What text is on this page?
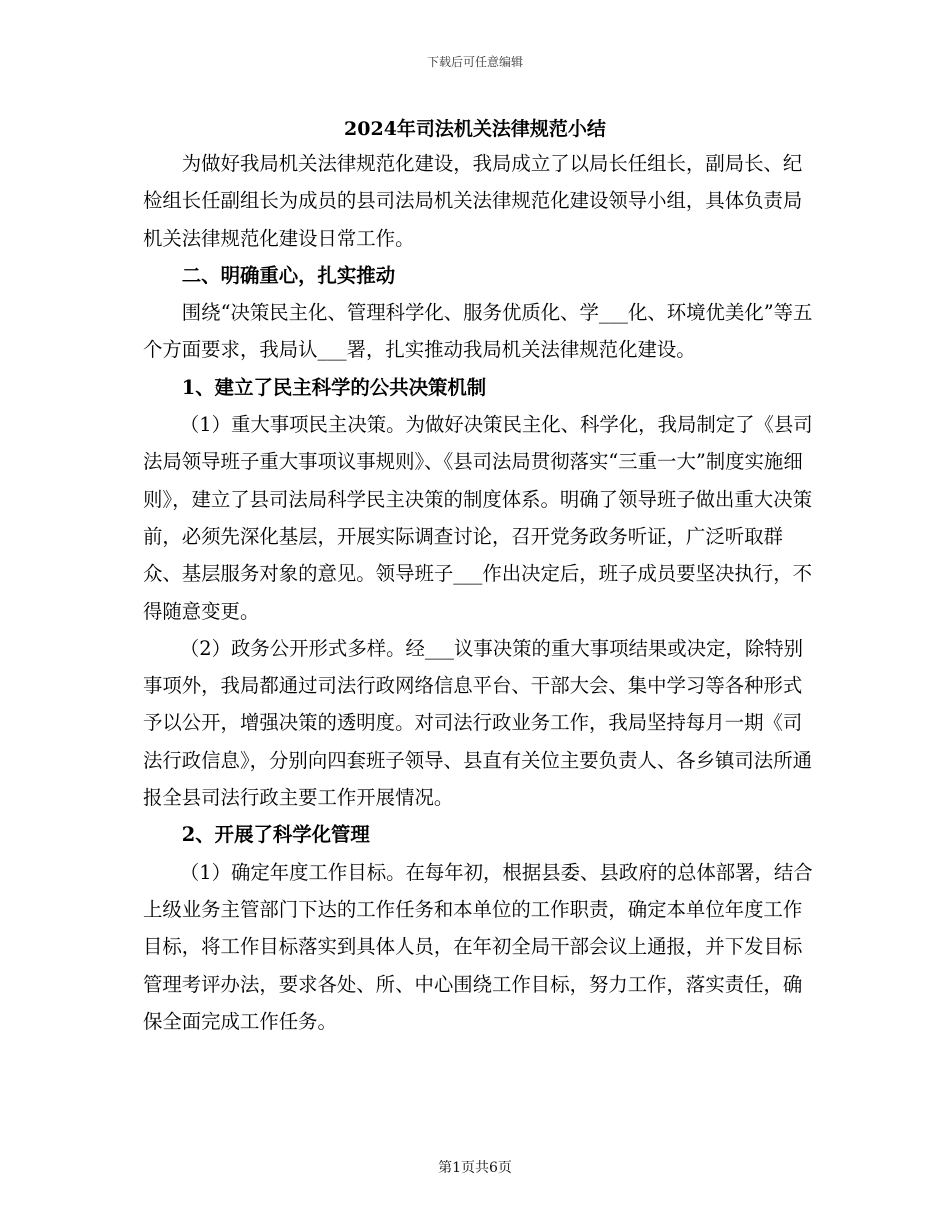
下载后可任意编辑
2024年司法机关法律规范小结

为做好我局机关法律规范化建设，我局成立了以局长任组长，副局长、纪检组长任副组长为成员的县司法局机关法律规范化建设领导小组，具体负责局机关法律规范化建设日常工作。

二、明确重心，扎实推动

围绕“决策民主化、管理科学化、服务优质化、学___化、环境优美化”等五个方面要求，我局认___署，扎实推动我局机关法律规范化建设。

1、建立了民主科学的公共决策机制

（1）重大事项民主决策。为做好决策民主化、科学化，我局制定了《县司法局领导班子重大事项议事规则》、《县司法局贯彻落实“三重一大”制度实施细则》，建立了县司法局科学民主决策的制度体系。明确了领导班子做出重大决策前，必须先深化基层，开展实际调查讨论，召开党务政务听证，广泛听取群众、基层服务对象的意见。领导班子___作出决定后，班子成员要坚决执行，不得随意变更。

（2）政务公开形式多样。经___议事决策的重大事项结果或决定，除特别事项外，我局都通过司法行政网络信息平台、干部大会、集中学习等各种形式予以公开，增强决策的透明度。对司法行政业务工作，我局坚持每月一期《司法行政信息》，分别向四套班子领导、县直有关位主要负责人、各乡镇司法所通报全县司法行政主要工作开展情况。

2、开展了科学化管理

（1）确定年度工作目标。在每年初，根据县委、县政府的总体部署，结合上级业务主管部门下达的工作任务和本单位的工作职责，确定本单位年度工作目标，将工作目标落实到具体人员，在年初全局干部会议上通报，并下发目标管理考评办法，要求各处、所、中心围绕工作目标，努力工作，落实责任，确保全面完成工作任务。

第1页共6页
